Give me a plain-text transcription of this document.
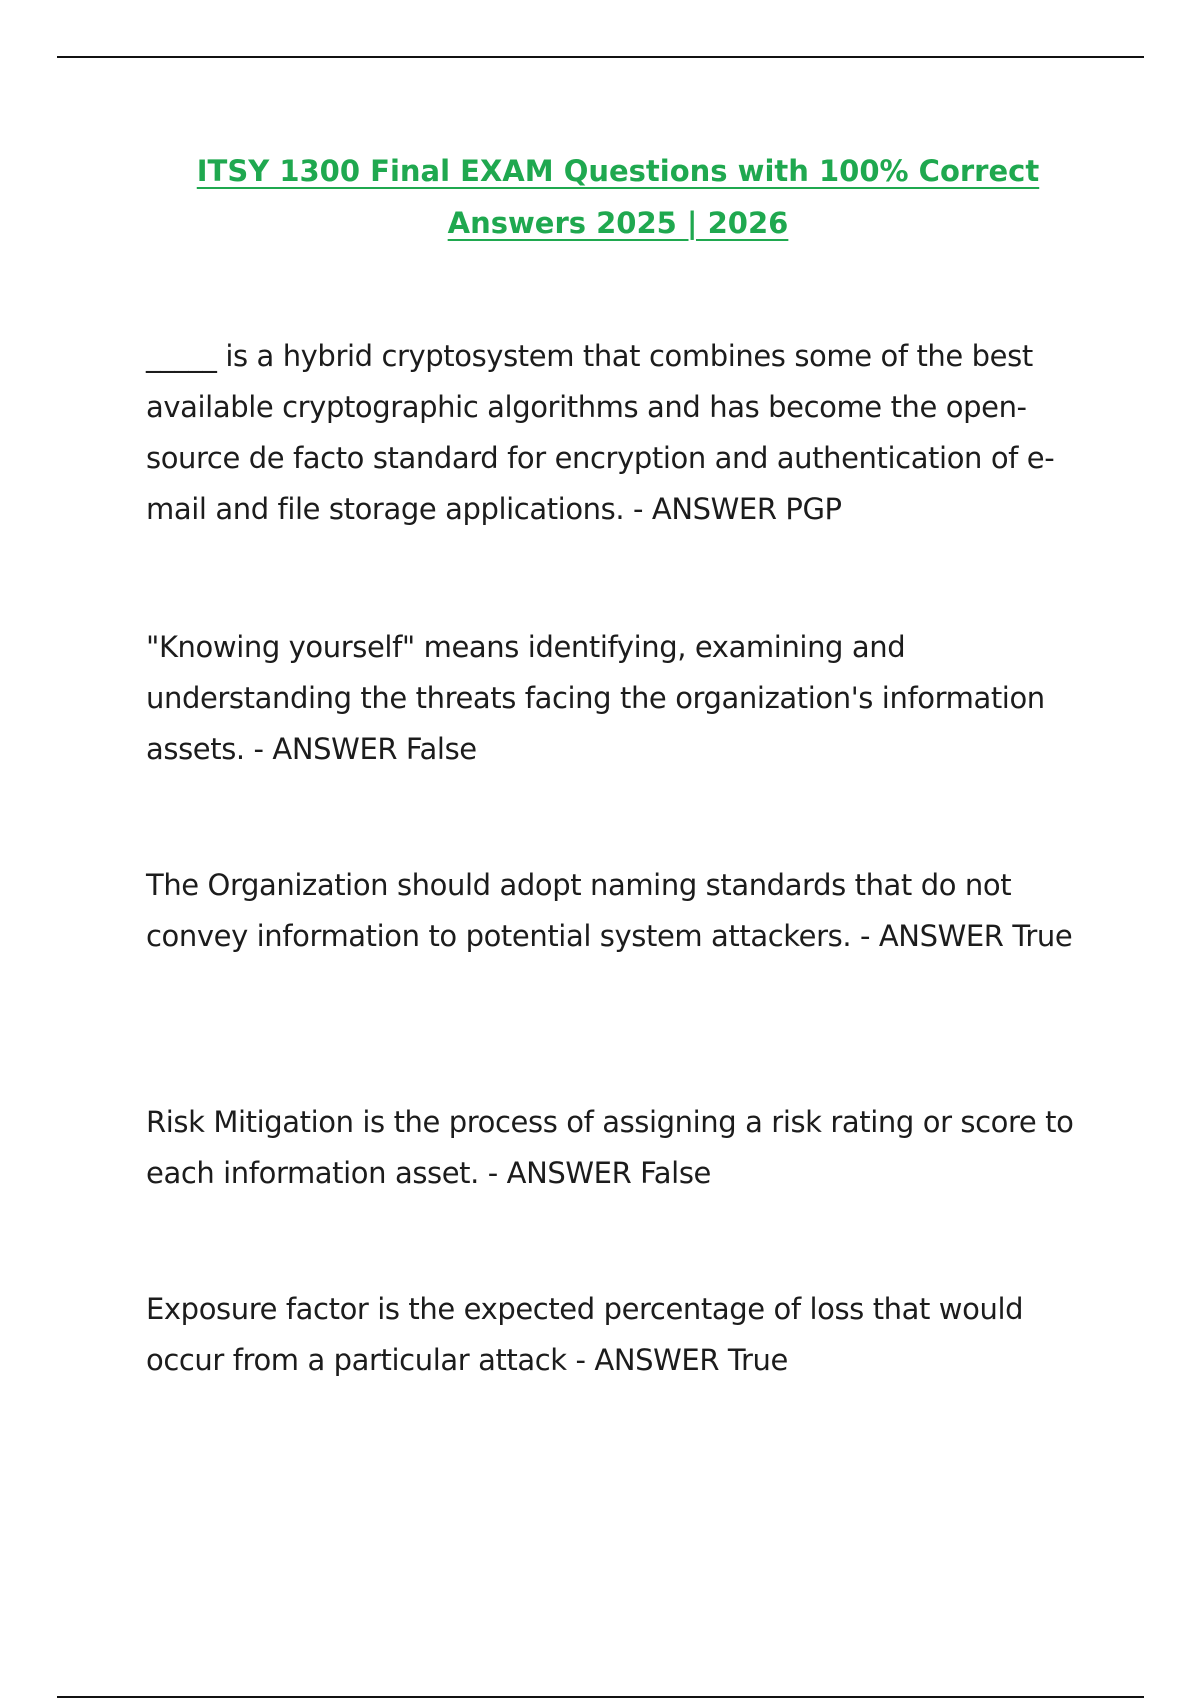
ITSY 1300 Final EXAM Questions with 100% Correct Answers 2025 | 2026

_____ is a hybrid cryptosystem that combines some of the best available cryptographic algorithms and has become the open-source de facto standard for encryption and authentication of e-mail and file storage applications. - ANSWER PGP

"Knowing yourself" means identifying, examining and understanding the threats facing the organization's information assets. - ANSWER False

The Organization should adopt naming standards that do not convey information to potential system attackers. - ANSWER True

Risk Mitigation is the process of assigning a risk rating or score to each information asset. - ANSWER False

Exposure factor is the expected percentage of loss that would occur from a particular attack - ANSWER True
